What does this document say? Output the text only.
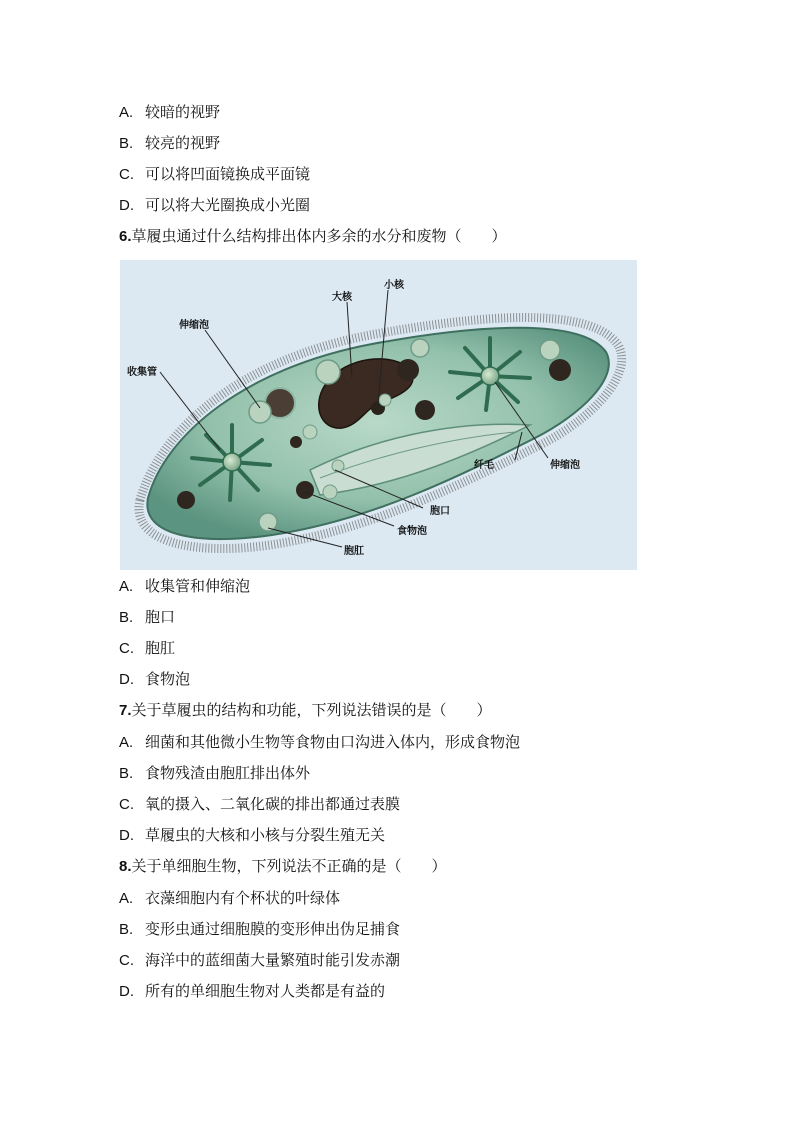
A. 较暗的视野
B. 较亮的视野
C. 可以将凹面镜换成平面镜
D. 可以将大光圈换成小光圈
6.草履虫通过什么结构排出体内多余的水分和废物（　　）
大核
小核
伸缩泡
收集管
纤毛	伸缩泡
胞口
食物泡
胞肛
A. 收集管和伸缩泡
B. 胞口
C. 胞肛
D. 食物泡
7.关于草履虫的结构和功能，下列说法错误的是（　　）
A. 细菌和其他微小生物等食物由口沟进入体内，形成食物泡
B. 食物残渣由胞肛排出体外
C. 氧的摄入、二氧化碳的排出都通过表膜
D. 草履虫的大核和小核与分裂生殖无关
8.关于单细胞生物，下列说法不正确的是（　　）
A. 衣藻细胞内有个杯状的叶绿体
B. 变形虫通过细胞膜的变形伸出伪足捕食
C. 海洋中的蓝细菌大量繁殖时能引发赤潮
D. 所有的单细胞生物对人类都是有益的
